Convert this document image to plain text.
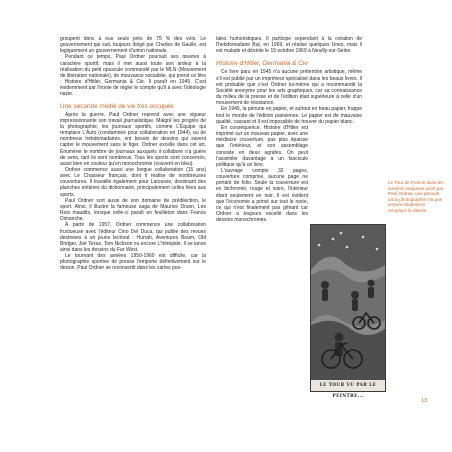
groupent donc à eux seuls près de 75 % des voix. Le gouvernement qui suit, toujours dirigé par Charles de Gaulle, est logiquement un gouvernement d'union nationale.

Pendant ce temps, Paul Ordner poursuit ses œuvres à caractère sportif, mais il met aussi toute son ardeur à la réalisation du petit opuscule commandé par le MLN (Mouvement de libération nationale), de mouvance socialiste, qui prend ce titre : Histoire d'Hitler, Germania & Cie. Il paraît en 1945. C'est évidemment par l'ironie de régler le compte qu'il a avec l'idéologie nazie.

Une seconde moitié de vie très occupée

Après la guerre, Paul Ordner reprend avec une vigueur impressionnante son travail journalistique. Malgré les progrès de la photographie, les journaux sportifs, comme L'Équipe qui remplace L'Auto (condamnée pour collaboration en 1944), ou de nombreux hebdomadaires, ont besoin de dessins qui savent capter le mouvement sans le figer. Ordner excelle dans cet art. Énumérer le nombre de journaux auxquels il collabore n'a guère de sens, tant ils sont nombreux. Tous les sports sont concernés, aussi bien en couleur qu'en monochromie (souvent en bleu).

Ordner commence aussi une longue collaboration (15 ans) avec Le Chasseur français, dont il réalise de nombreuses couvertures. Il travaille également pour Larousse, dessinant des planches entières du dictionnaire, principalement celles liées aux sports.

Paul Ordner sort aussi de son domaine de prédilection, le sport. Ainsi, il illustre la fameuse saga de Maurice Druon, Les Rois maudits, lorsque celle-ci paraît en feuilleton dans France Dimanche.

À partir de 1957, Ordner commence une collaboration fructueuse avec l'éditeur Cino Del Duca, qui publie des revues destinées à un jeune lectorat : Hurrah, Aventures Boum, Old Bridger, Joé Texas, Tom Nickson ou encore L'Intrépide. Il se lance ainsi dans les dessins du Far West.

Le tournant des années 1950-1960 est difficile, car la photographie sportive de presse l'emporte définitivement sur le dessin. Paul Ordner se reconvertit dans les cartes pos-

tales humoristiques. Il participe cependant à la création de l'hebdomadaire But, en 1969, et réalise quelques Unes, mais il est malade et décède le 15 octobre 1969 à Neuilly-sur-Seine.

Histoire d'Hitler, Germania & Cie

Ce livre paru en 1945 n'a aucune prétention artistique, même s'il est publié par un imprimeur spécialisé dans les beaux livres. Il est probable que c'est Ordner lui-même qui a recommandé la Société anonyme pour les arts graphiques, car sa connaissance du milieu de la presse et de l'édition était supérieure à celle d'un mouvement de résistance.

En 1945, la pénurie en papier, et surtout en beau papier, frappe tout le monde de l'édition parisienne. Le papier est de mauvaise qualité, cassant et il est impossible de trouver du papier blanc.

En conséquence, Histoire d'Hitler est imprimé sur un mauvais papier, avec une médiocre couverture, pas plus épaisse que l'intérieur, et son assemblage consiste en deux agrafes. On peut l'assimiler davantage à un fascicule politique qu'à un livre.

L'ouvrage compte 32 pages, couverture comprise, aucune page ne portant de folio. Seule la couverture est en bichromie, rouge et noire, l'intérieur étant seulement en noir. Il est évident que l'économie a primé sur tout le reste, ce qui n'est finalement pas gênant car Ordner a toujours excellé dans les dessins monochromes.

LE TOUR VU PAR LE PEINTRE...
Le Tour de France dans les années cinquante peint par Paul Ordner, une période où la photographie n'a pas encore totalement remplacé le dessin.
13
